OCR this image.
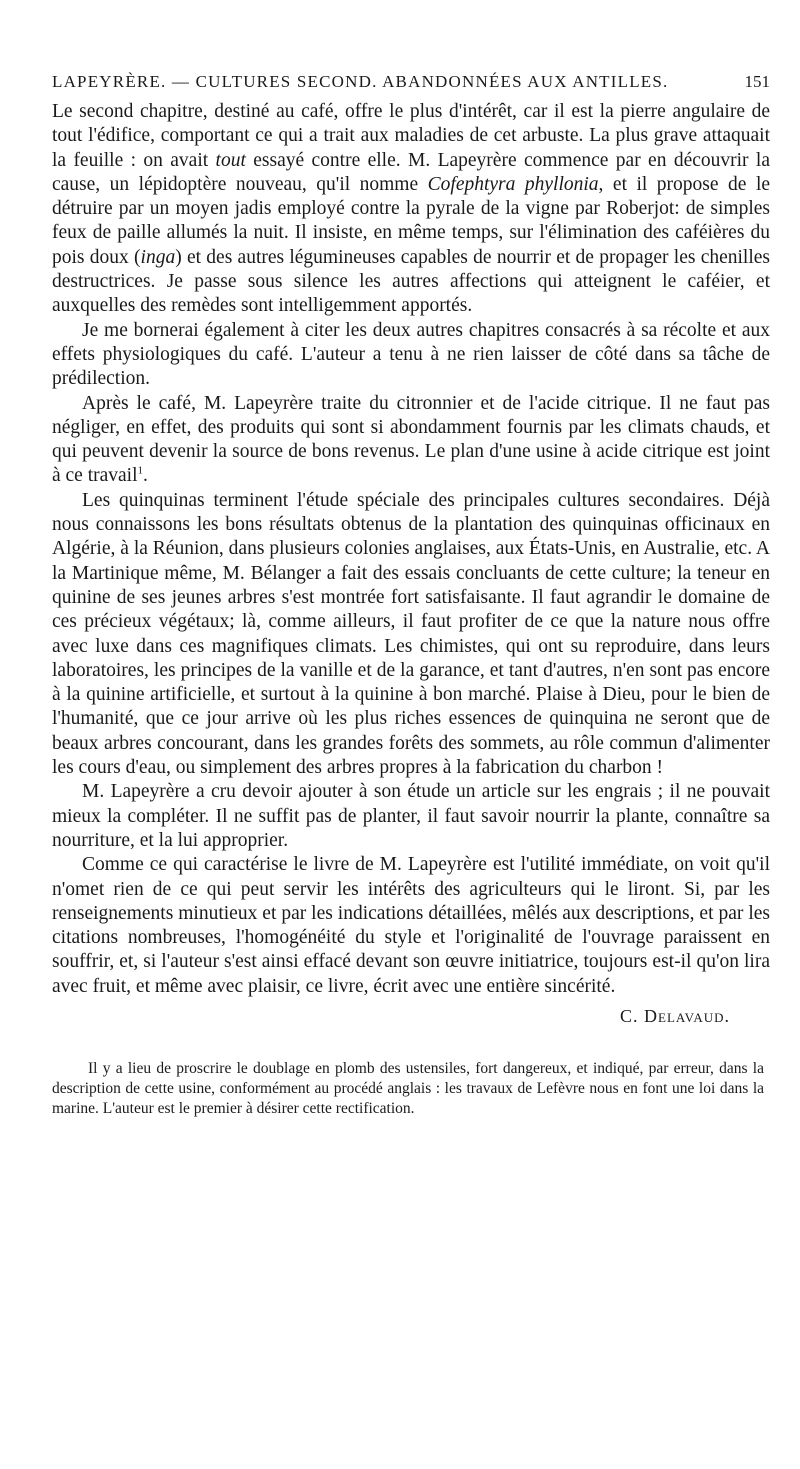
LAPEYRÈRE. — CULTURES SECOND. ABANDONNÉES AUX ANTILLES.	151

Le second chapitre, destiné au café, offre le plus d'intérêt, car il est la pierre angulaire de tout l'édifice, comportant ce qui a trait aux maladies de cet arbuste. La plus grave attaquait la feuille : on avait tout essayé contre elle. M. Lapeyrère commence par en découvrir la cause, un lépidoptère nouveau, qu'il nomme Cofephtyra phyllonia, et il propose de le détruire par un moyen jadis employé contre la pyrale de la vigne par Roberjot: de simples feux de paille allumés la nuit. Il insiste, en même temps, sur l'élimination des caféières du pois doux (inga) et des autres légumineuses capables de nourrir et de propager les chenilles destructrices. Je passe sous silence les autres affections qui atteignent le caféier, et auxquelles des remèdes sont intelligemment apportés.

Je me bornerai également à citer les deux autres chapitres consacrés à sa récolte et aux effets physiologiques du café. L'auteur a tenu à ne rien laisser de côté dans sa tâche de prédilection.

Après le café, M. Lapeyrère traite du citronnier et de l'acide citrique. Il ne faut pas négliger, en effet, des produits qui sont si abondamment fournis par les climats chauds, et qui peuvent devenir la source de bons revenus. Le plan d'une usine à acide citrique est joint à ce travail$^1$.

Les quinquinas terminent l'étude spéciale des principales cultures secondaires. Déjà nous connaissons les bons résultats obtenus de la plantation des quinquinas officinaux en Algérie, à la Réunion, dans plusieurs colonies anglaises, aux États-Unis, en Australie, etc. A la Martinique même, M. Bélanger a fait des essais concluants de cette culture; la teneur en quinine de ses jeunes arbres s'est montrée fort satisfaisante. Il faut agrandir le domaine de ces précieux végétaux; là, comme ailleurs, il faut profiter de ce que la nature nous offre avec luxe dans ces magnifiques climats. Les chimistes, qui ont su reproduire, dans leurs laboratoires, les principes de la vanille et de la garance, et tant d'autres, n'en sont pas encore à la quinine artificielle, et surtout à la quinine à bon marché. Plaise à Dieu, pour le bien de l'humanité, que ce jour arrive où les plus riches essences de quinquina ne seront que de beaux arbres concourant, dans les grandes forêts des sommets, au rôle commun d'alimenter les cours d'eau, ou simplement des arbres propres à la fabrication du charbon !

M. Lapeyrère a cru devoir ajouter à son étude un article sur les engrais ; il ne pouvait mieux la compléter. Il ne suffit pas de planter, il faut savoir nourrir la plante, connaître sa nourriture, et la lui approprier.

Comme ce qui caractérise le livre de M. Lapeyrère est l'utilité immédiate, on voit qu'il n'omet rien de ce qui peut servir les intérêts des agriculteurs qui le liront. Si, par les renseignements minutieux et par les indications détaillées, mêlés aux descriptions, et par les citations nombreuses, l'homogénéité du style et l'originalité de l'ouvrage paraissent en souffrir, et, si l'auteur s'est ainsi effacé devant son œuvre initiatrice, toujours est-il qu'on lira avec fruit, et même avec plaisir, ce livre, écrit avec une entière sincérité.

C. Delavaud.
Il y a lieu de proscrire le doublage en plomb des ustensiles, fort dangereux, et indiqué, par erreur, dans la description de cette usine, conformément au procédé anglais : les travaux de Lefèvre nous en font une loi dans la marine. L'auteur est le premier à désirer cette rectification.
